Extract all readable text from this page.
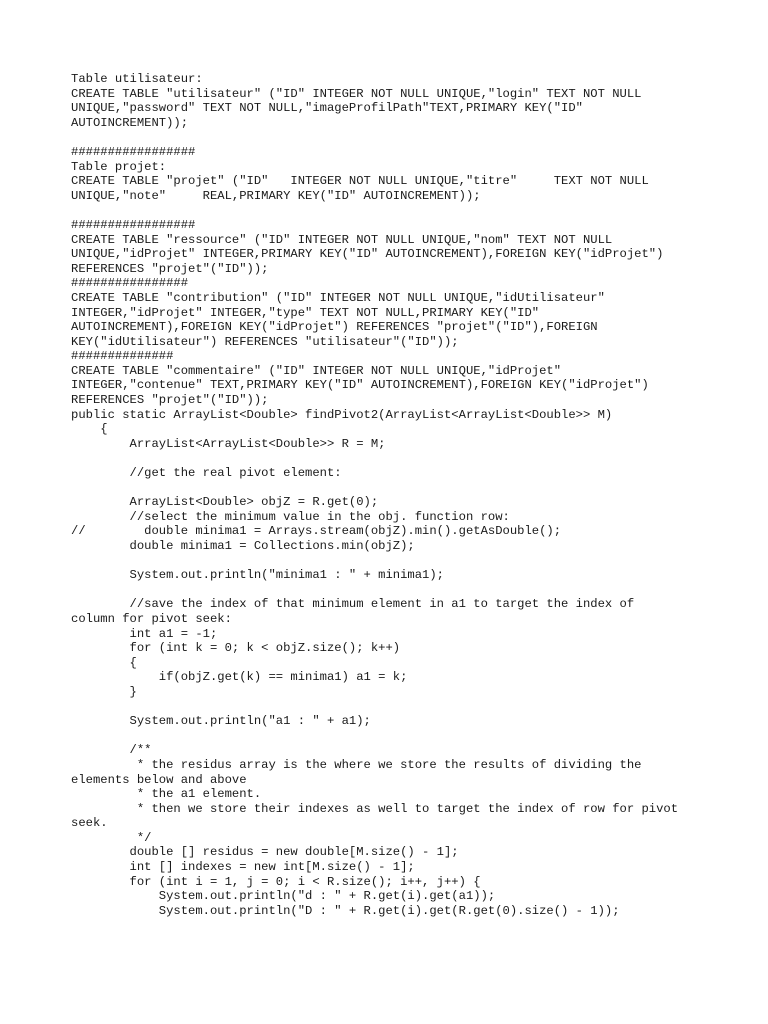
Table utilisateur:
CREATE TABLE "utilisateur" ("ID" INTEGER NOT NULL UNIQUE,"login" TEXT NOT NULL
UNIQUE,"password" TEXT NOT NULL,"imageProfilPath"TEXT,PRIMARY KEY("ID"
AUTOINCREMENT));
#################
Table projet:
CREATE TABLE "projet" ("ID"   INTEGER NOT NULL UNIQUE,"titre"     TEXT NOT NULL
UNIQUE,"note"     REAL,PRIMARY KEY("ID" AUTOINCREMENT));
#################
CREATE TABLE "ressource" ("ID" INTEGER NOT NULL UNIQUE,"nom" TEXT NOT NULL
UNIQUE,"idProjet" INTEGER,PRIMARY KEY("ID" AUTOINCREMENT),FOREIGN KEY("idProjet")
REFERENCES "projet"("ID"));
################
CREATE TABLE "contribution" ("ID" INTEGER NOT NULL UNIQUE,"idUtilisateur"
INTEGER,"idProjet" INTEGER,"type" TEXT NOT NULL,PRIMARY KEY("ID"
AUTOINCREMENT),FOREIGN KEY("idProjet") REFERENCES "projet"("ID"),FOREIGN
KEY("idUtilisateur") REFERENCES "utilisateur"("ID"));
##############
CREATE TABLE "commentaire" ("ID" INTEGER NOT NULL UNIQUE,"idProjet"
INTEGER,"contenue" TEXT,PRIMARY KEY("ID" AUTOINCREMENT),FOREIGN KEY("idProjet")
REFERENCES "projet"("ID"));
public static ArrayList<Double> findPivot2(ArrayList<ArrayList<Double>> M)
{
ArrayList<ArrayList<Double>> R = M;
//get the real pivot element:
ArrayList<Double> objZ = R.get(0);
//select the minimum value in the obj. function row:
//        double minima1 = Arrays.stream(objZ).min().getAsDouble();
double minima1 = Collections.min(objZ);
System.out.println("minima1 : " + minima1);
//save the index of that minimum element in a1 to target the index of
column for pivot seek:
int a1 = -1;
for (int k = 0; k < objZ.size(); k++)
{
if(objZ.get(k) == minima1) a1 = k;
}
System.out.println("a1 : " + a1);
/**
* the residus array is the where we store the results of dividing the
elements below and above
* the a1 element.
* then we store their indexes as well to target the index of row for pivot
seek.
*/
double [] residus = new double[M.size() - 1];
int [] indexes = new int[M.size() - 1];
for (int i = 1, j = 0; i < R.size(); i++, j++) {
System.out.println("d : " + R.get(i).get(a1));
System.out.println("D : " + R.get(i).get(R.get(0).size() - 1));
